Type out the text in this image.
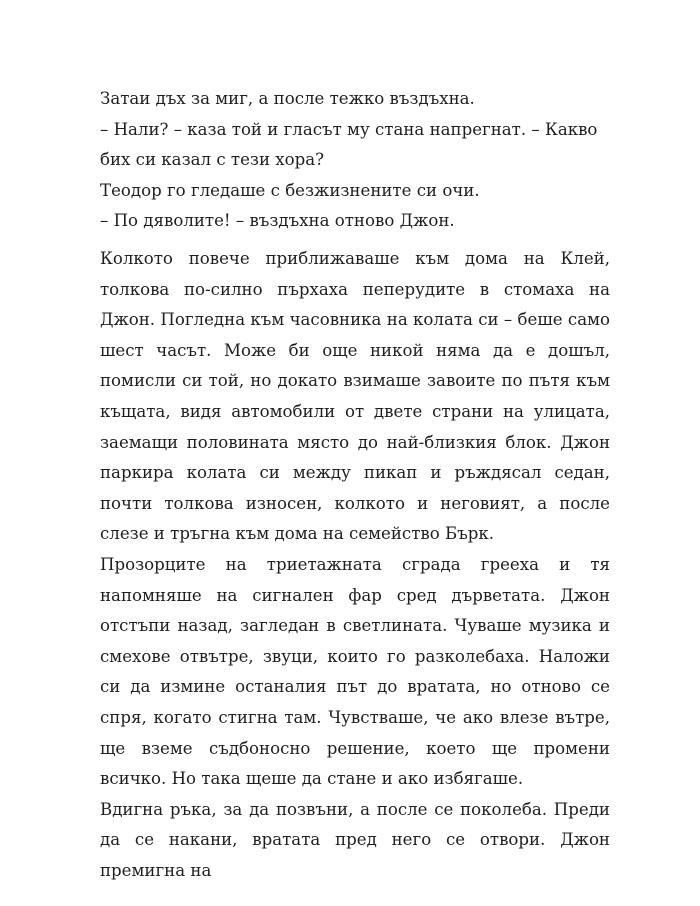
Затаи дъх за миг, а после тежко въздъхна.

– Нали? – каза той и гласът му стана напрегнат. – Какво бих си казал с тези хора?

Теодор го гледаше с безжизнените си очи.

– По дяволите! – въздъхна отново Джон.

Колкото повече приближаваше към дома на Клей, толкова по-силно пърхаха пеперудите в стомаха на Джон. Погледна към часовника на колата си – беше само шест часът. Може би още никой няма да е дошъл, помисли си той, но докато взимаше завоите по пътя към къщата, видя автомобили от двете страни на улицата, заемащи половината място до най-близкия блок. Джон паркира колата си между пикап и ръждясал седан, почти толкова износен, колкото и неговият, а после слезе и тръгна към дома на семейство Бърк.

Прозорците на триетажната сграда грееха и тя напомняше на сигнален фар сред дърветата. Джон отстъпи назад, загледан в светлината. Чуваше музика и смехове отвътре, звуци, които го разколебаха. Наложи си да измине останалия път до вратата, но отново се спря, когато стигна там. Чувстваше, че ако влезе вътре, ще вземе съдбоносно решение, което ще промени всичко. Но така щеше да стане и ако избягаше.

Вдигна ръка, за да позвъни, а после се поколеба. Преди да се накани, вратата пред него се отвори. Джон премигна на
